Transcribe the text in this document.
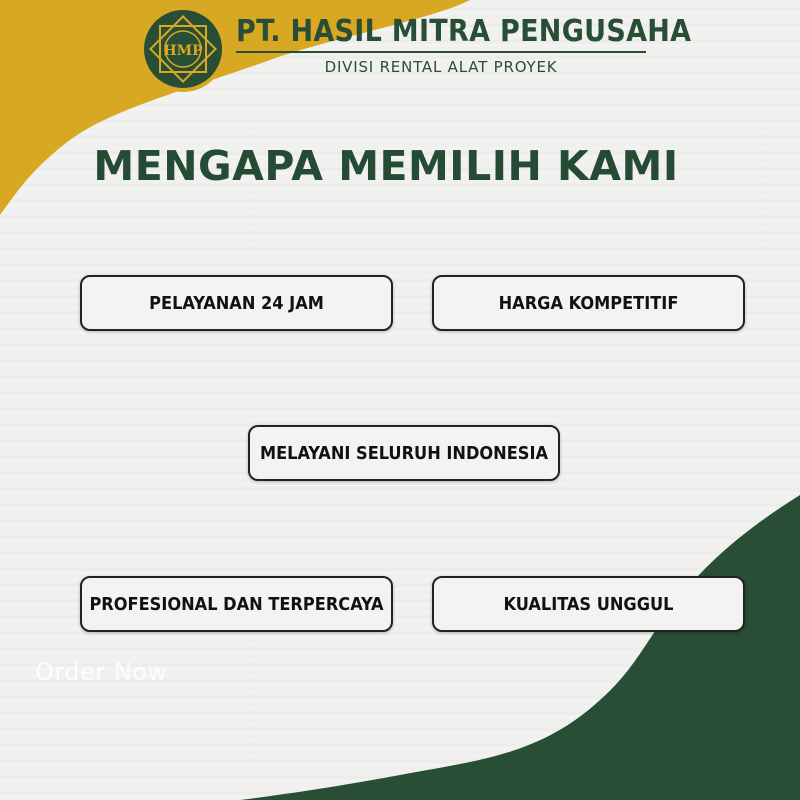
HMP
PT. HASIL MITRA PENGUSAHA
DIVISI RENTAL ALAT PROYEK
MENGAPA MEMILIH KAMI
PELAYANAN 24 JAM	HARGA KOMPETITIF
MELAYANI SELURUH INDONESIA
PROFESIONAL DAN TERPERCAYA	KUALITAS UNGGUL
Order Now
